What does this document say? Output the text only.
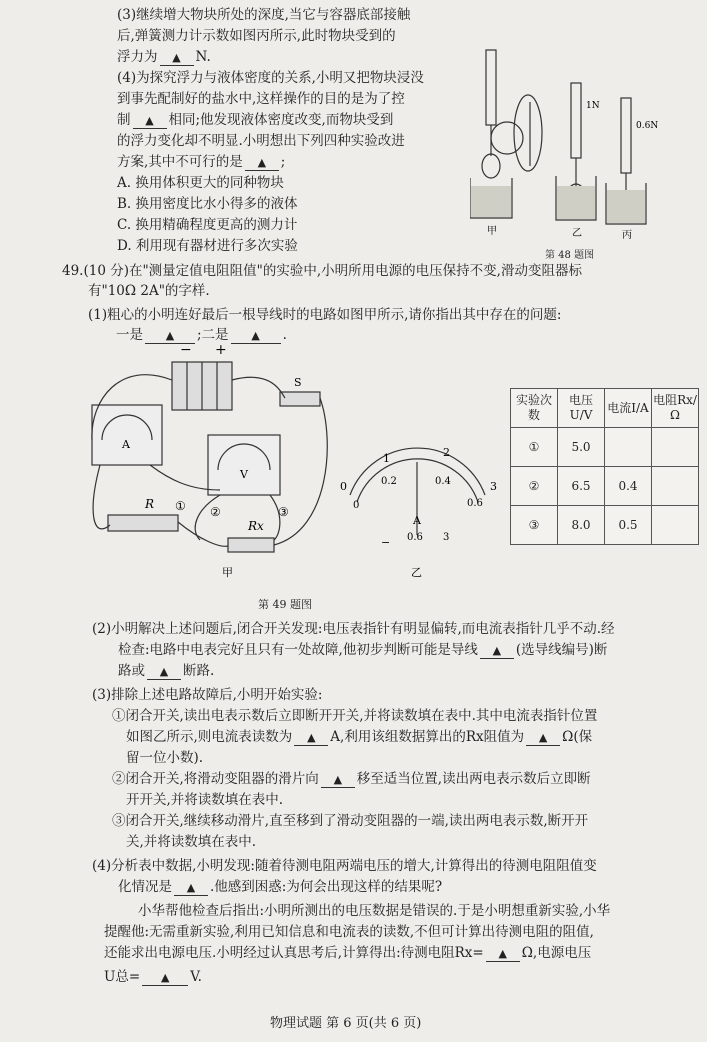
(3)继续增大物块所处的深度,当它与容器底部接触
后,弹簧测力计示数如图丙所示,此时物块受到的
浮力为 ▲	N.
(4)为探究浮力与液体密度的关系,小明又把物块浸没
到事先配制好的盐水中,这样操作的目的是为了控
制 ▲	相同;他发现液体密度改变,而物块受到
的浮力变化却不明显.小明想出下列四种实验改进
方案,其中不可行的是 ▲	;
A. 换用体积更大的同种物块
B. 换用密度比水小得多的液体
C. 换用精确程度更高的测力计
D. 利用现有器材进行多次实验
1N
0.6N
甲	乙	丙
第 48 题图
49.(10 分)在"测量定值电阻阻值"的实验中,小明所用电源的电压保持不变,滑动变阻器标
有"10Ω 2A"的字样.
(1)粗心的小明连好最后一根导线时的电路如图甲所示,请你指出其中存在的问题:
一是 ▲	;二是 ▲	.
− +
S
A
V
R
Rx
① ②	③
甲
0
1	2
3
0
0.2	0.4
0.6
A
− 0.6 3
乙
实验次数	电压U/V	电流I/A	电阻Rx/Ω
①	5.0		
②	6.5	0.4	
③	8.0	0.5	
第 49 题图
(2)小明解决上述问题后,闭合开关发现:电压表指针有明显偏转,而电流表指针几乎不动.经
检查:电路中电表完好且只有一处故障,他初步判断可能是导线 ▲	(选导线编号)断
路或 ▲	断路.
(3)排除上述电路故障后,小明开始实验:
①闭合开关,读出电表示数后立即断开开关,并将读数填在表中.其中电流表指针位置
如图乙所示,则电流表读数为 ▲	A,利用该组数据算出的Rx阻值为 ▲	Ω(保
留一位小数).
②闭合开关,将滑动变阻器的滑片向 ▲	移至适当位置,读出两电表示数后立即断
开开关,并将读数填在表中.
③闭合开关,继续移动滑片,直至移到了滑动变阻器的一端,读出两电表示数,断开开
关,并将读数填在表中.
(4)分析表中数据,小明发现:随着待测电阻两端电压的增大,计算得出的待测电阻阻值变
化情况是 ▲	.他感到困惑:为何会出现这样的结果呢?
小华帮他检查后指出:小明所测出的电压数据是错误的.于是小明想重新实验,小华
提醒他:无需重新实验,利用已知信息和电流表的读数,不但可计算出待测电阻的阻值,
还能求出电源电压.小明经过认真思考后,计算得出:待测电阻Rx= ▲	Ω,电源电压
U总= ▲	V.
物理试题 第 6 页(共 6 页)
